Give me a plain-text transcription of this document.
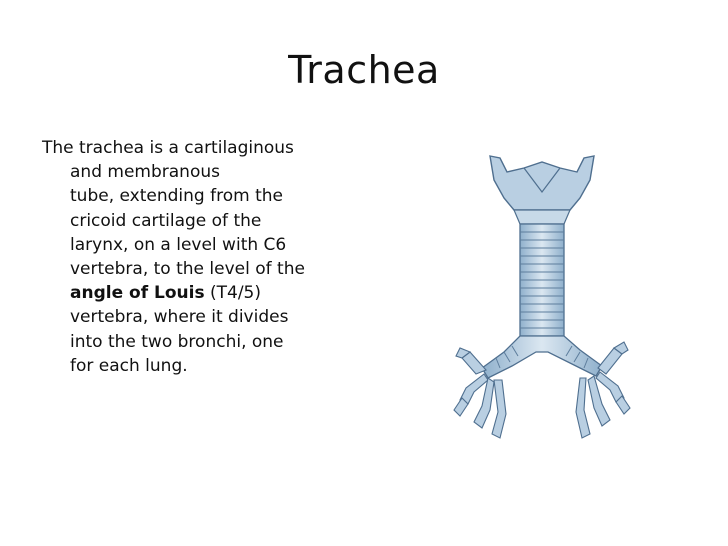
Trachea
The trachea is a cartilaginous
and membranous
tube, extending from the
cricoid cartilage of the
larynx, on a level with C6
vertebra, to the level of the
angle of Louis (T4/5)
vertebra, where it divides
into the two bronchi, one
for each lung.
